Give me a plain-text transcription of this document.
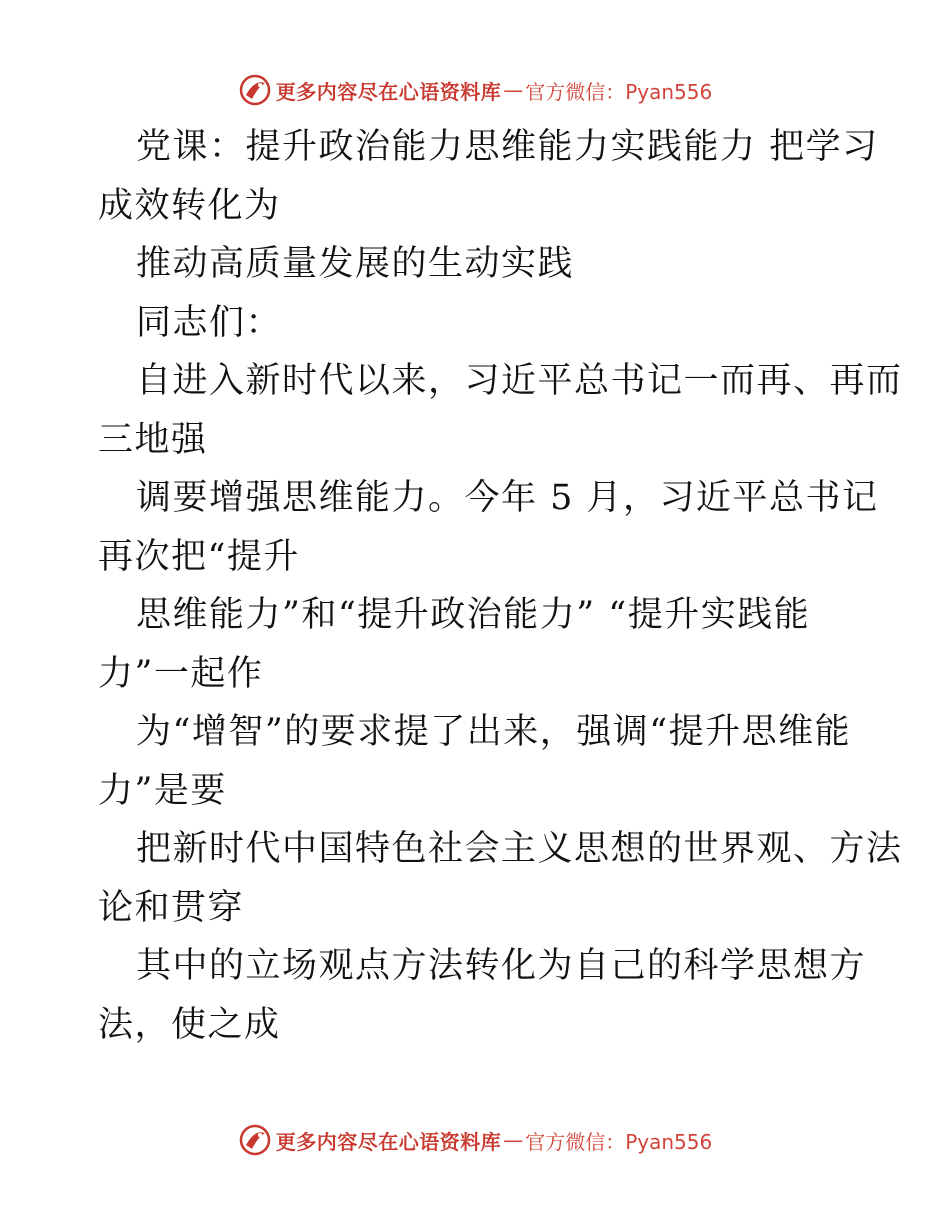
更多内容尽在心语资料库 — 官方微信：Pyan556
党课：提升政治能力思维能力实践能力 把学习
成效转化为
推动高质量发展的生动实践
同志们：
自进入新时代以来，习近平总书记一而再、再而
三地强
调要增强思维能力。今年 5 月，习近平总书记
再次把“提升
思维能力”和“提升政治能力” “提升实践能
力”一起作
为“增智”的要求提了出来，强调“提升思维能
力”是要
把新时代中国特色社会主义思想的世界观、方法
论和贯穿
其中的立场观点方法转化为自己的科学思想方
法，使之成
更多内容尽在心语资料库 — 官方微信：Pyan556
